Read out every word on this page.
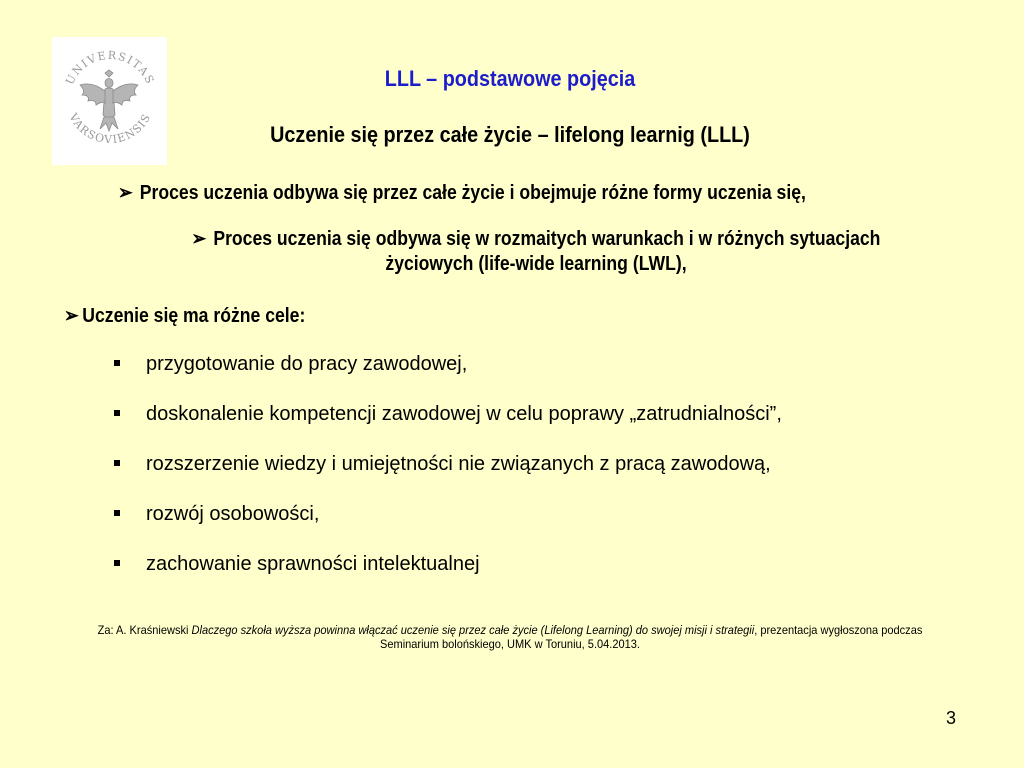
UNIVERSITAS
VARSOVIENSIS
LLL – podstawowe pojęcia
Uczenie się przez całe życie – lifelong learnig (LLL)
➢ Proces uczenia odbywa się przez całe życie i obejmuje różne formy uczenia się,
➢ Proces uczenia się odbywa się w rozmaitych warunkach i w różnych sytuacjach
życiowych (life-wide learning (LWL),
➢ Uczenie się ma różne cele:
przygotowanie do pracy zawodowej,
doskonalenie kompetencji zawodowej w celu poprawy „zatrudnialności”,
rozszerzenie wiedzy i umiejętności nie związanych z pracą zawodową,
rozwój osobowości,
zachowanie sprawności intelektualnej
Za: A. Kraśniewski Dlaczego szkoła wyższa powinna włączać uczenie się przez całe życie (Lifelong Learning) do swojej misji i strategii, prezentacja wygłoszona podczas Seminarium bolońskiego, UMK w Toruniu, 5.04.2013.
3
